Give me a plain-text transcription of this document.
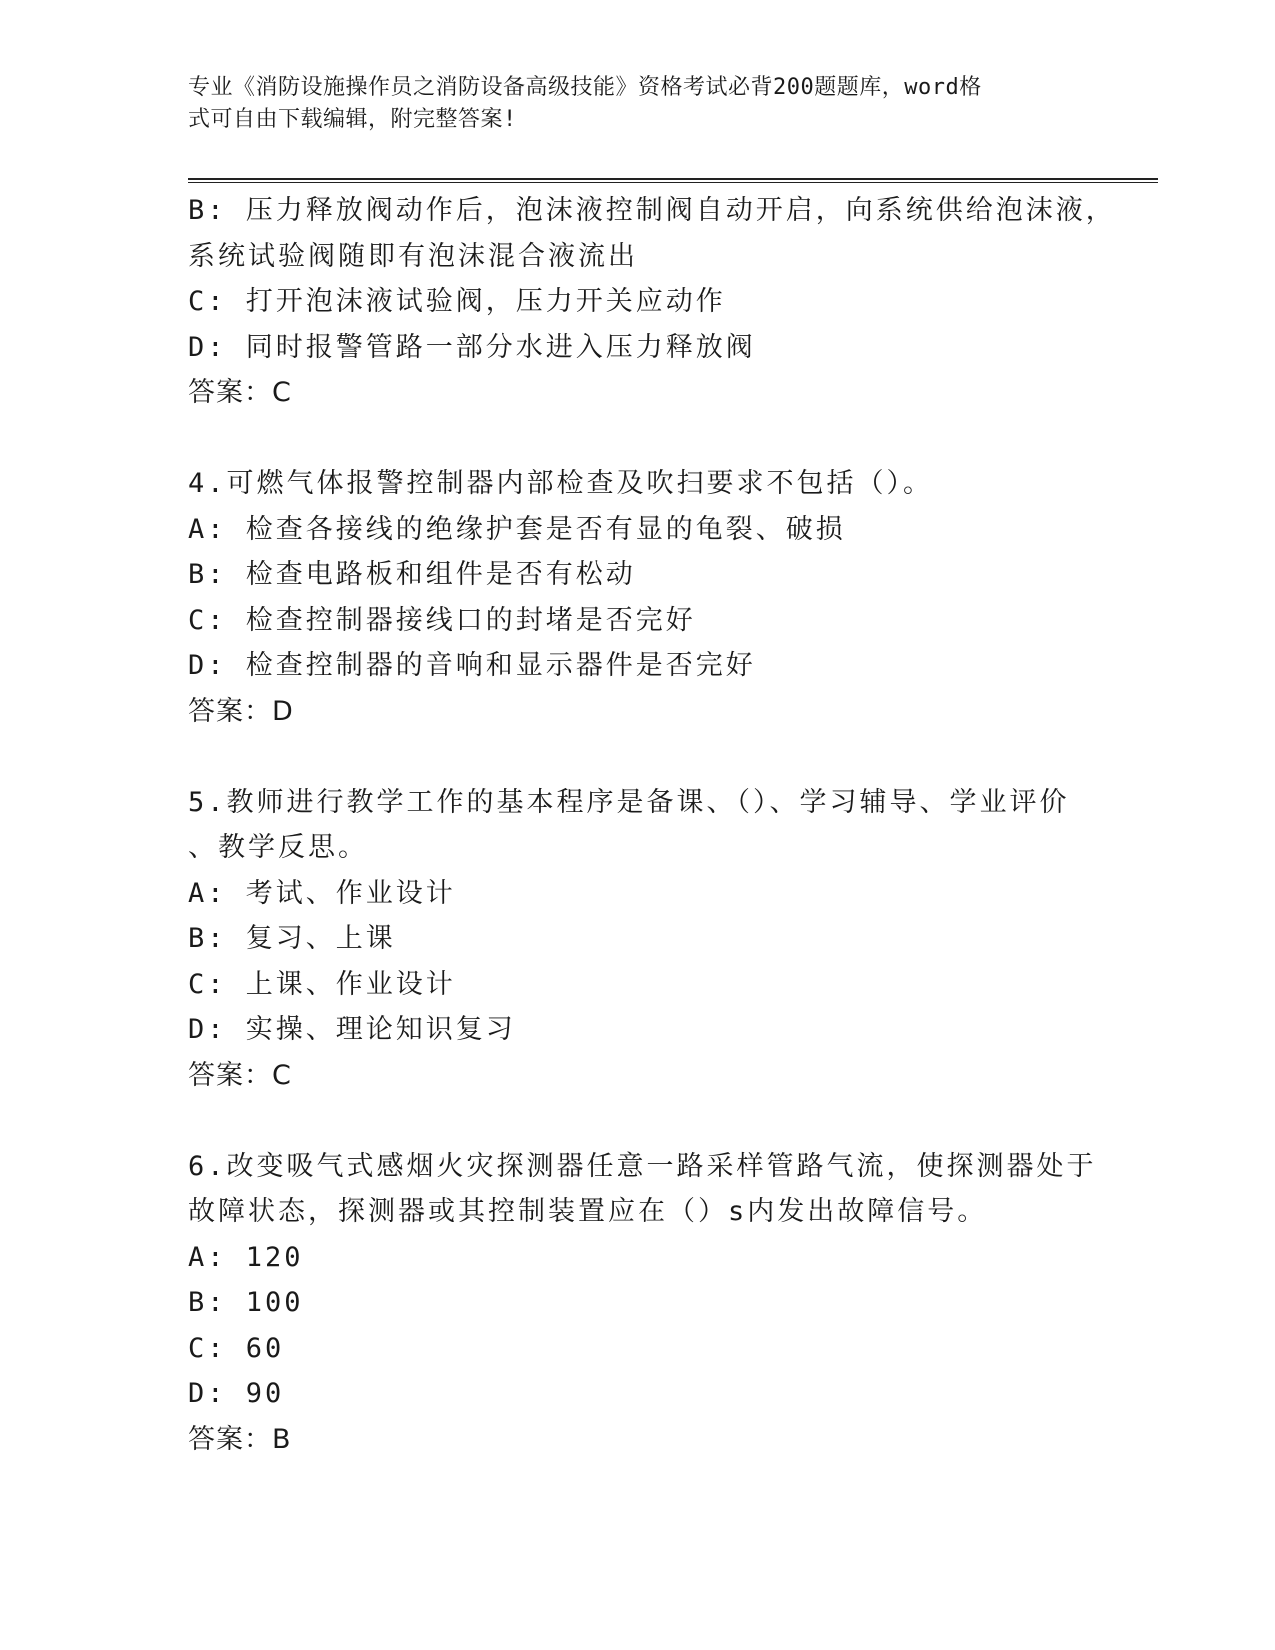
专业《消防设施操作员之消防设备高级技能》资格考试必背200题题库，word格
式可自由下载编辑，附完整答案!
B: 压力释放阀动作后，泡沫液控制阀自动开启，向系统供给泡沫液，
系统试验阀随即有泡沫混合液流出
C: 打开泡沫液试验阀，压力开关应动作
D: 同时报警管路一部分水进入压力释放阀
答案：C
4.可燃气体报警控制器内部检查及吹扫要求不包括（）。
A: 检查各接线的绝缘护套是否有显的龟裂、破损
B: 检查电路板和组件是否有松动
C: 检查控制器接线口的封堵是否完好
D: 检查控制器的音响和显示器件是否完好
答案：D
5.教师进行教学工作的基本程序是备课、（）、学习辅导、学业评价
、教学反思。
A: 考试、作业设计
B: 复习、上课
C: 上课、作业设计
D: 实操、理论知识复习
答案：C
6.改变吸气式感烟火灾探测器任意一路采样管路气流，使探测器处于
故障状态，探测器或其控制装置应在（）s内发出故障信号。
A: 120
B: 100
C: 60
D: 90
答案：B
